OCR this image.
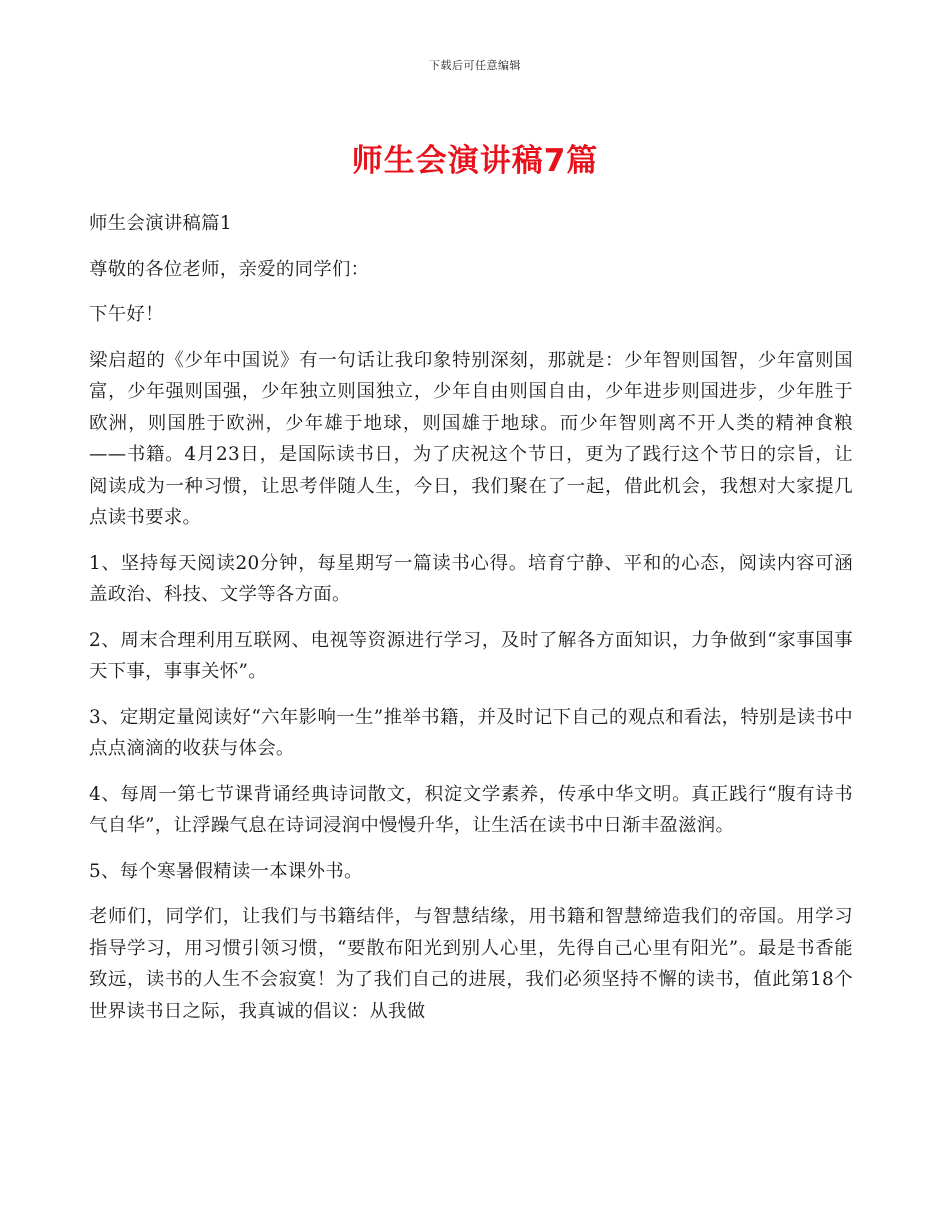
下载后可任意编辑
师生会演讲稿7篇

师生会演讲稿篇1

尊敬的各位老师，亲爱的同学们：

下午好！

梁启超的《少年中国说》有一句话让我印象特别深刻，那就是：少年智则国智，少年富则国富，少年强则国强，少年独立则国独立，少年自由则国自由，少年进步则国进步，少年胜于欧洲，则国胜于欧洲，少年雄于地球，则国雄于地球。而少年智则离不开人类的精神食粮——书籍。4月23日，是国际读书日，为了庆祝这个节日，更为了践行这个节日的宗旨，让阅读成为一种习惯，让思考伴随人生，今日，我们聚在了一起，借此机会，我想对大家提几点读书要求。

1、坚持每天阅读20分钟，每星期写一篇读书心得。培育宁静、平和的心态，阅读内容可涵盖政治、科技、文学等各方面。

2、周末合理利用互联网、电视等资源进行学习，及时了解各方面知识，力争做到“家事国事天下事，事事关怀”。

3、定期定量阅读好“六年影响一生”推举书籍，并及时记下自己的观点和看法，特别是读书中点点滴滴的收获与体会。

4、每周一第七节课背诵经典诗词散文，积淀文学素养，传承中华文明。真正践行“腹有诗书气自华”，让浮躁气息在诗词浸润中慢慢升华，让生活在读书中日渐丰盈滋润。

5、每个寒暑假精读一本课外书。

老师们，同学们，让我们与书籍结伴，与智慧结缘，用书籍和智慧缔造我们的帝国。用学习指导学习，用习惯引领习惯，“要散布阳光到别人心里，先得自己心里有阳光”。最是书香能致远，读书的人生不会寂寞！为了我们自己的进展，我们必须坚持不懈的读书，值此第18个世界读书日之际，我真诚的倡议：从我做
